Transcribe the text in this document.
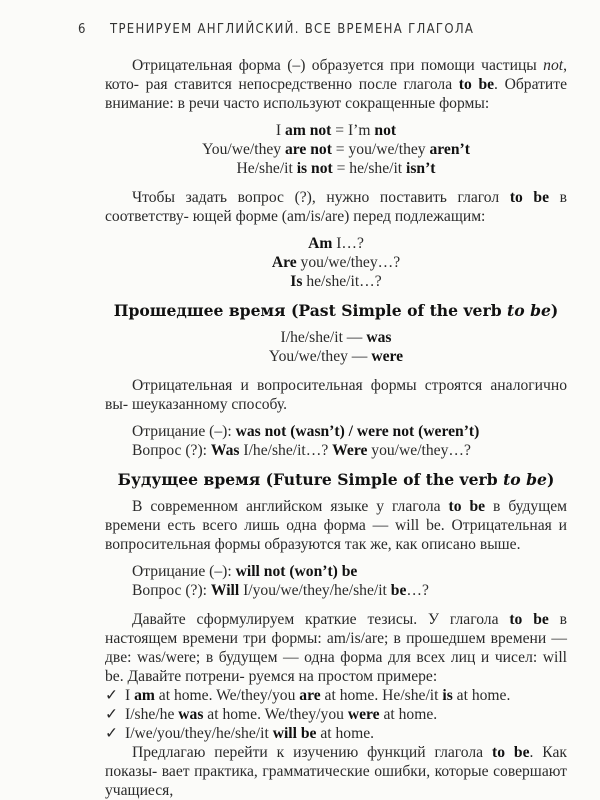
6 ТРЕНИРУЕМ АНГЛИЙСКИЙ. ВСЕ ВРЕМЕНА ГЛАГОЛА

Отрицательная форма (–) образуется при помощи частицы not, кото- рая ставится непосредственно после глагола to be. Обратите внимание: в речи часто используют сокращенные формы:

I am not = I’m not

You/we/they are not = you/we/they aren’t

He/she/it is not = he/she/it isn’t

Чтобы задать вопрос (?), нужно поставить глагол to be в соответству- ющей форме (am/is/are) перед подлежащим:

Am I…?

Are you/we/they…?

Is he/she/it…?

Прошедшее время (Past Simple of the verb to be)

I/he/she/it — was

You/we/they — were

Отрицательная и вопросительная формы строятся аналогично вы- шеуказанному способу.

Отрицание (–): was not (wasn’t) / were not (weren’t)

Вопрос (?): Was I/he/she/it…? Were you/we/they…?

Будущее время (Future Simple of the verb to be)

В современном английском языке у глагола to be в будущем времени есть всего лишь одна форма — will be. Отрицательная и вопросительная формы образуются так же, как описано выше.

Отрицание (–): will not (won’t) be

Вопрос (?): Will I/you/we/they/he/she/it be…?

Давайте сформулируем краткие тезисы. У глагола to be в настоящем времени три формы: am/is/are; в прошедшем времени — две: was/were; в будущем — одна форма для всех лиц и чисел: will be. Давайте потрени- руемся на простом примере:

✓ I am at home. We/they/you are at home. He/she/it is at home.

✓ I/she/he was at home. We/they/you were at home.

✓ I/we/you/they/he/she/it will be at home.

Предлагаю перейти к изучению функций глагола to be. Как показы- вает практика, грамматические ошибки, которые совершают учащиеся,
